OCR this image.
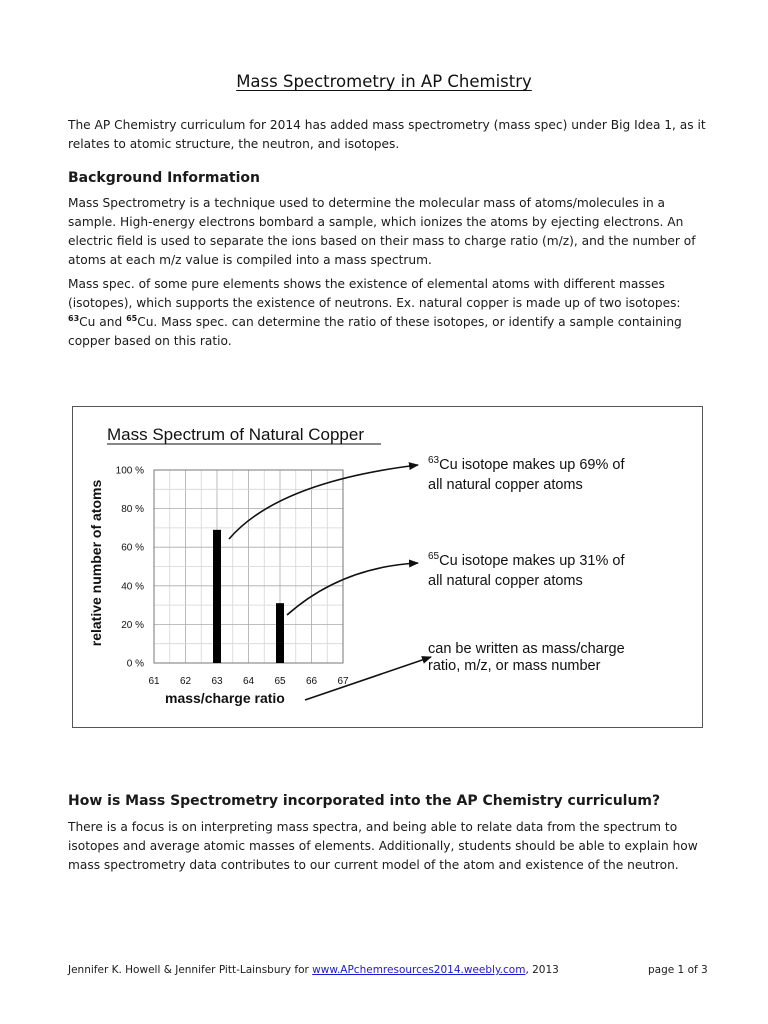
Mass Spectrometry in AP Chemistry

The AP Chemistry curriculum for 2014 has added mass spectrometry (mass spec) under Big Idea 1, as it relates to atomic structure, the neutron, and isotopes.

Background Information

Mass Spectrometry is a technique used to determine the molecular mass of atoms/molecules in a sample. High-energy electrons bombard a sample, which ionizes the atoms by ejecting electrons. An electric field is used to separate the ions based on their mass to charge ratio (m/z), and the number of atoms at each m/z value is compiled into a mass spectrum.

Mass spec. of some pure elements shows the existence of elemental atoms with different masses (isotopes), which supports the existence of neutrons. Ex. natural copper is made up of two isotopes: $^{63}$Cu and $^{65}$Cu. Mass spec. can determine the ratio of these isotopes, or identify a sample containing copper based on this ratio.

Mass Spectrum of Natural Copper
relative number of atoms
61 62 63 64 65 66 67
0 %
20 %
40 %
60 %
80 %
100 %
mass/charge ratio
$^{63}$Cu isotope makes up 69% of
all natural copper atoms
$^{65}$Cu isotope makes up 31% of
all natural copper atoms
can be written as mass/charge
ratio, m/z, or mass number
How is Mass Spectrometry incorporated into the AP Chemistry curriculum?

There is a focus is on interpreting mass spectra, and being able to relate data from the spectrum to isotopes and average atomic masses of elements. Additionally, students should be able to explain how mass spectrometry data contributes to our current model of the atom and existence of the neutron.

Jennifer K. Howell & Jennifer Pitt-Lainsbury for www.APchemresources2014.weebly.com, 2013	page 1 of 3
